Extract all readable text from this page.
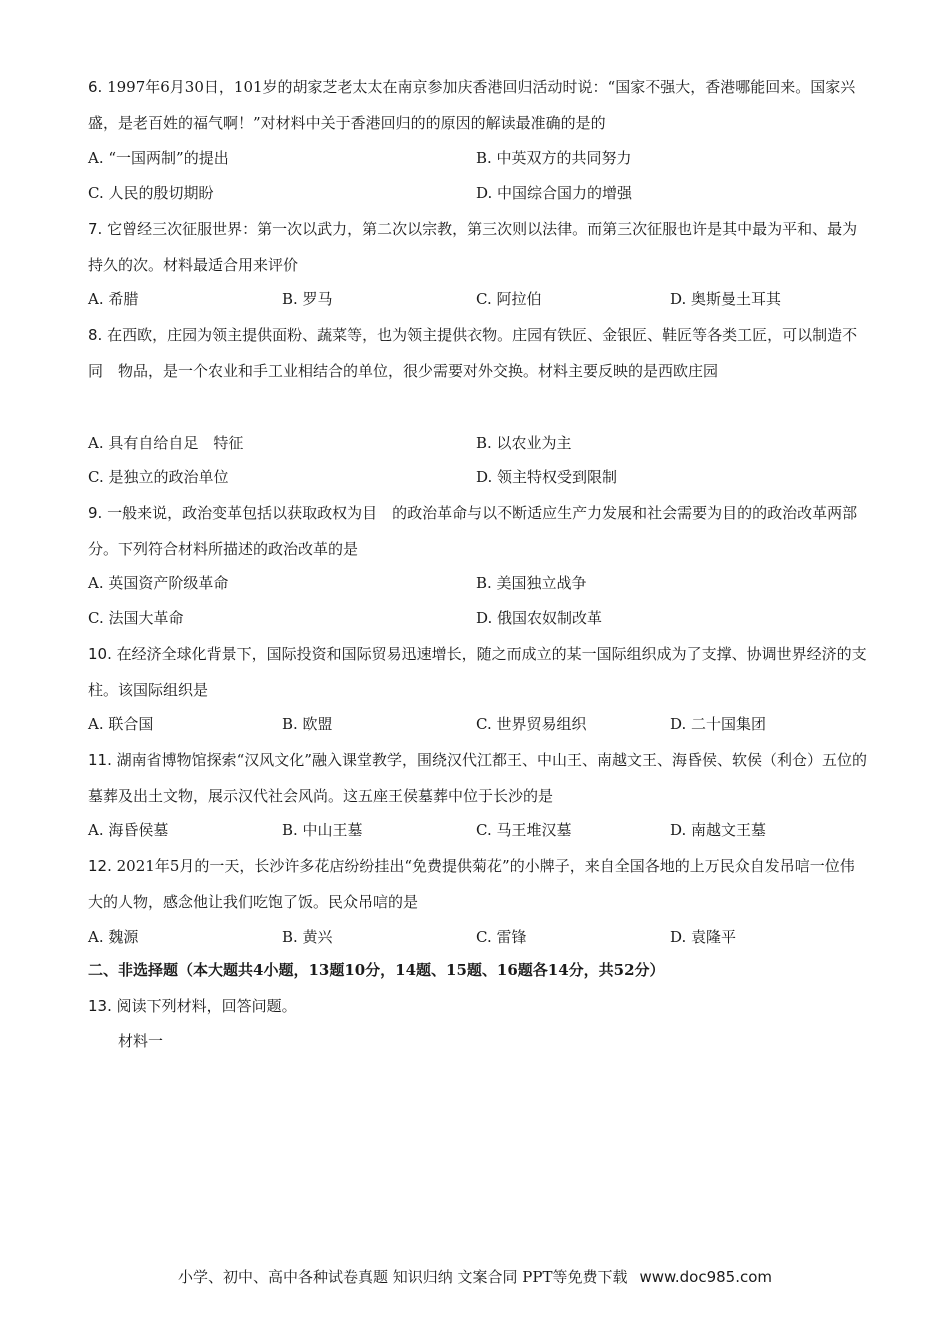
6. 1997年6月30日，101岁的胡家芝老太太在南京参加庆香港回归活动时说：“国家不强大，香港哪能回来。国家兴盛，是老百姓的福气啊！”对材料中关于香港回归的的原因的解读最准确的是的

A. “一国两制”的提出	B. 中英双方的共同努力
C. 人民的殷切期盼	D. 中国综合国力的增强

7. 它曾经三次征服世界：第一次以武力，第二次以宗教，第三次则以法律。而第三次征服也许是其中最为平和、最为持久的次。材料最适合用来评价

A. 希腊	B. 罗马	C. 阿拉伯	D. 奥斯曼土耳其

8. 在西欧，庄园为领主提供面粉、蔬菜等，也为领主提供衣物。庄园有铁匠、金银匠、鞋匠等各类工匠，可以制造不同　物品，是一个农业和手工业相结合的单位，很少需要对外交换。材料主要反映的是西欧庄园

A. 具有自给自足　特征	B. 以农业为主
C. 是独立的政治单位	D. 领主特权受到限制

9. 一般来说，政治变革包括以获取政权为目　的政治革命与以不断适应生产力发展和社会需要为目的的政治改革两部分。下列符合材料所描述的政治改革的是

A. 英国资产阶级革命	B. 美国独立战争
C. 法国大革命	D. 俄国农奴制改革

10. 在经济全球化背景下，国际投资和国际贸易迅速增长，随之而成立的某一国际组织成为了支撑、协调世界经济的支柱。该国际组织是

A. 联合国	B. 欧盟	C. 世界贸易组织	D. 二十国集团

11. 湖南省博物馆探索“汉风文化”融入课堂教学，围绕汉代江都王、中山王、南越文王、海昏侯、软侯（利仓）五位的墓葬及出土文物，展示汉代社会风尚。这五座王侯墓葬中位于长沙的是

A. 海昏侯墓	B. 中山王墓	C. 马王堆汉墓	D. 南越文王墓

12. 2021年5月的一天，长沙许多花店纷纷挂出“免费提供菊花”的小牌子，来自全国各地的上万民众自发吊唁一位伟大的人物，感念他让我们吃饱了饭。民众吊唁的是

A. 魏源	B. 黄兴	C. 雷锋	D. 袁隆平
二、非选择题（本大题共4小题，13题10分，14题、15题、16题各14分，共52分）

13. 阅读下列材料，回答问题。

材料一
小学、初中、高中各种试卷真题 知识归纳 文案合同 PPT等免费下载 www.doc985.com
